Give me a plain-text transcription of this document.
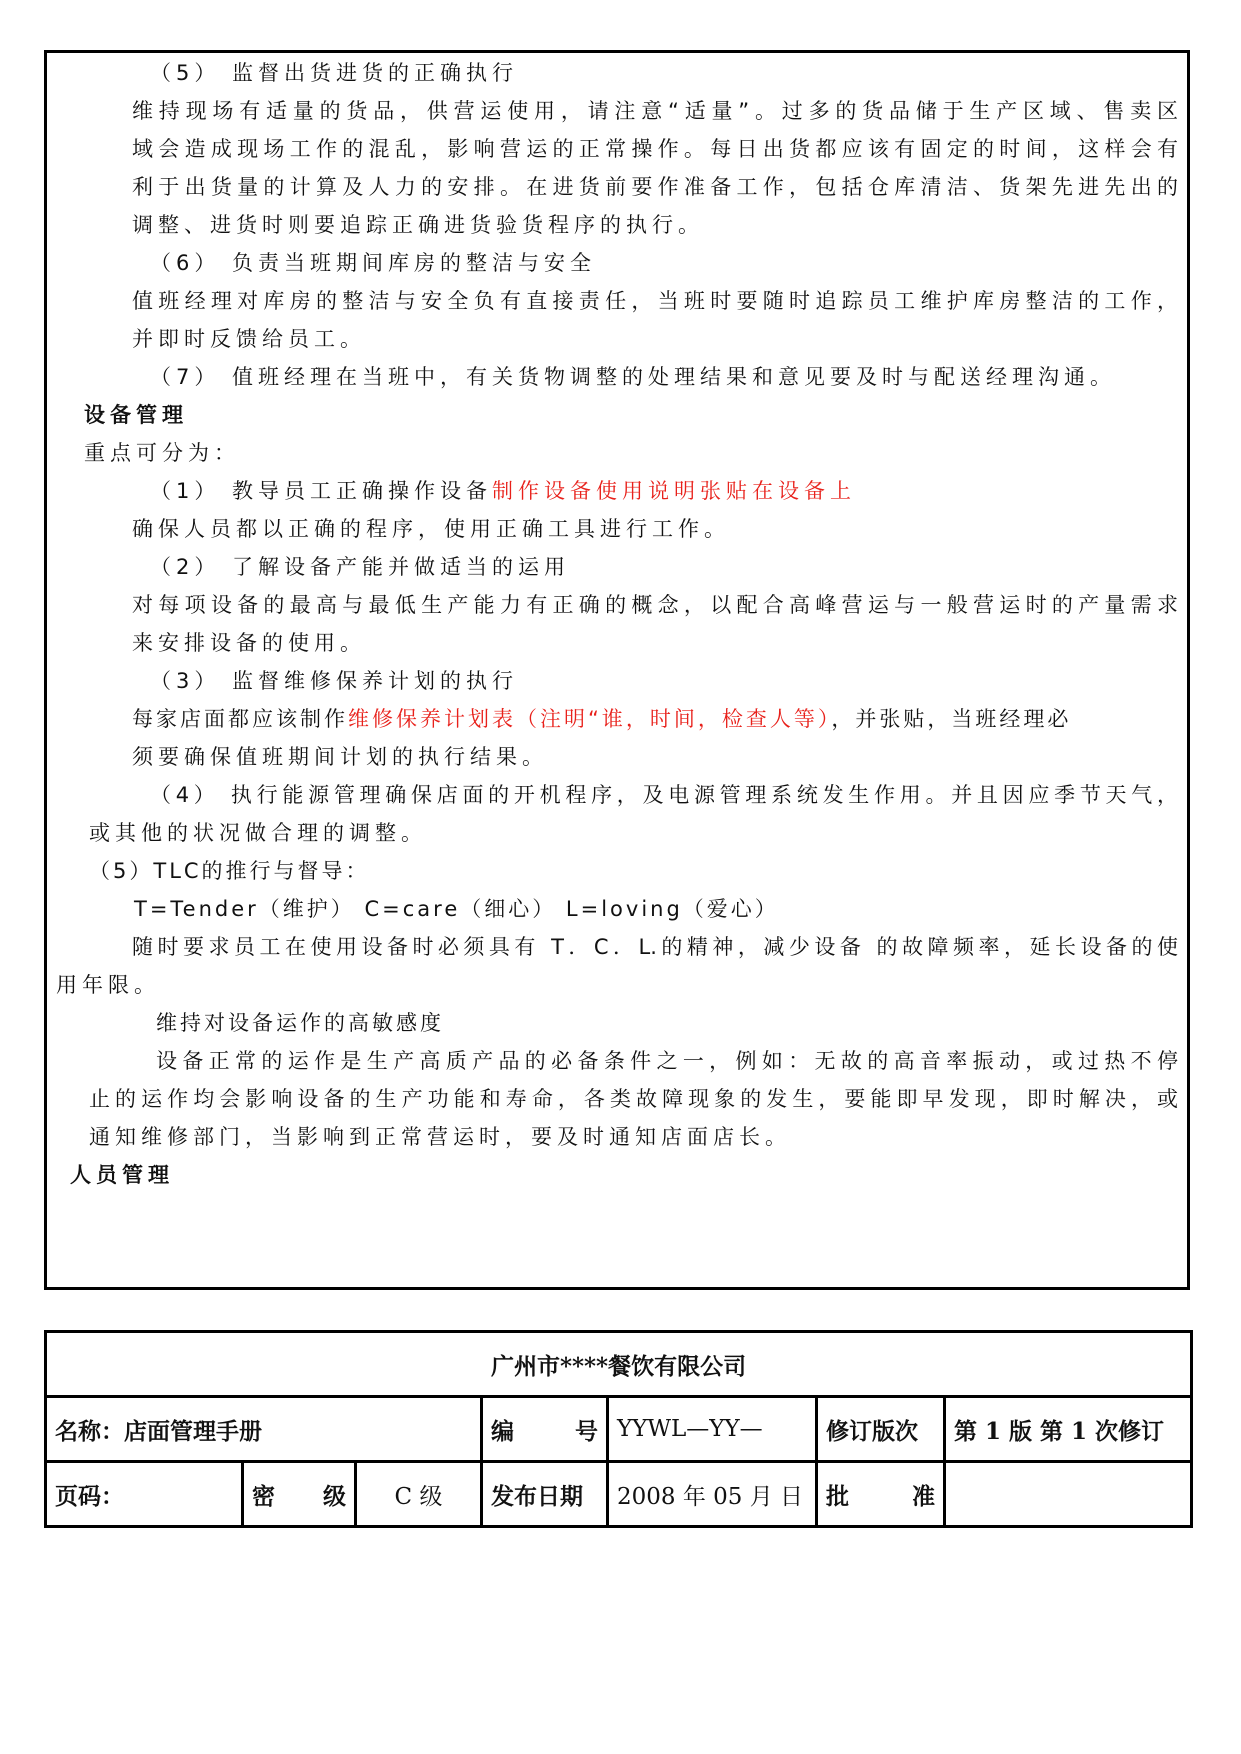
（5） 监督出货进货的正确执行
维持现场有适量的货品，供营运使用，请注意“适量”。过多的货品储于生产区域、售卖区
域会造成现场工作的混乱，影响营运的正常操作。每日出货都应该有固定的时间，这样会有
利于出货量的计算及人力的安排。在进货前要作准备工作，包括仓库清洁、货架先进先出的
调整、进货时则要追踪正确进货验货程序的执行。
（6） 负责当班期间库房的整洁与安全
值班经理对库房的整洁与安全负有直接责任，当班时要随时追踪员工维护库房整洁的工作，
并即时反馈给员工。
（7） 值班经理在当班中，有关货物调整的处理结果和意见要及时与配送经理沟通。
设备管理
重点可分为：
（1） 教导员工正确操作设备制作设备使用说明张贴在设备上
确保人员都以正确的程序，使用正确工具进行工作。
（2） 了解设备产能并做适当的运用
对每项设备的最高与最低生产能力有正确的概念，以配合高峰营运与一般营运时的产量需求
来安排设备的使用。
（3） 监督维修保养计划的执行
每家店面都应该制作维修保养计划表（注明“谁，时间，检查人等），并张贴，当班经理必
须要确保值班期间计划的执行结果。
（4） 执行能源管理确保店面的开机程序，及电源管理系统发生作用。并且因应季节天气，
或其他的状况做合理的调整。
（5）TLC的推行与督导：
T=Tender（维护） C=care（细心） L=loving（爱心）
随时要求员工在使用设备时必须具有 T．C．L.的精神，减少设备 的故障频率，延长设备的使
用年限。
维持对设备运作的高敏感度
设备正常的运作是生产高质产品的必备条件之一，例如：无故的高音率振动，或过热不停
止的运作均会影响设备的生产功能和寿命，各类故障现象的发生，要能即早发现，即时解决，或
通知维修部门，当影响到正常营运时，要及时通知店面店长。
人员管理
广州市****餐饮有限公司						
名称：店面管理手册			编 号	YYWL—YY—	修订版次	第 1 版 第 1 次修订
页码：	密 级	C 级	发布日期	2008 年 05 月 日	批 准	
